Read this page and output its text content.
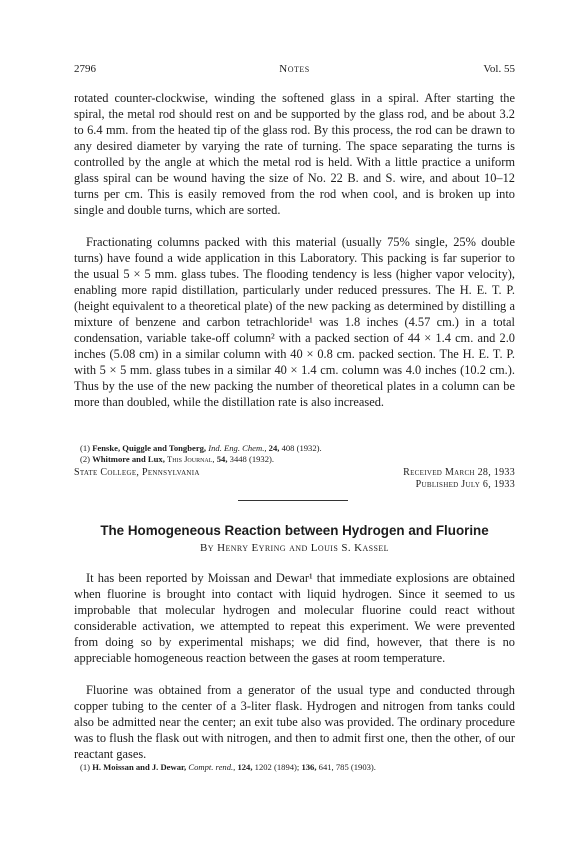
2796	Notes	Vol. 55

rotated counter-clockwise, winding the softened glass in a spiral. After starting the spiral, the metal rod should rest on and be supported by the glass rod, and be about 3.2 to 6.4 mm. from the heated tip of the glass rod. By this process, the rod can be drawn to any desired diameter by varying the rate of turning. The space separating the turns is controlled by the angle at which the metal rod is held. With a little practice a uniform glass spiral can be wound having the size of No. 22 B. and S. wire, and about 10–12 turns per cm. This is easily removed from the rod when cool, and is broken up into single and double turns, which are sorted.

Fractionating columns packed with this material (usually 75% single, 25% double turns) have found a wide application in this Laboratory. This packing is far superior to the usual 5 × 5 mm. glass tubes. The flooding tendency is less (higher vapor velocity), enabling more rapid distillation, particularly under reduced pressures. The H. E. T. P. (height equivalent to a theoretical plate) of the new packing as determined by distilling a mixture of benzene and carbon tetrachloride¹ was 1.8 inches (4.57 cm.) in a total condensation, variable take-off column² with a packed section of 44 × 1.4 cm. and 2.0 inches (5.08 cm) in a similar column with 40 × 0.8 cm. packed section. The H. E. T. P. with 5 × 5 mm. glass tubes in a similar 40 × 1.4 cm. column was 4.0 inches (10.2 cm.). Thus by the use of the new packing the number of theoretical plates in a column can be more than doubled, while the distillation rate is also increased.

(1) Fenske, Quiggle and Tongberg, Ind. Eng. Chem., 24, 408 (1932).

(2) Whitmore and Lux, This Journal, 54, 3448 (1932).

State College, Pennsylvania	Received March 28, 1933
Published July 6, 1933
The Homogeneous Reaction between Hydrogen and Fluorine
By Henry Eyring and Louis S. Kassel

It has been reported by Moissan and Dewar¹ that immediate explosions are obtained when fluorine is brought into contact with liquid hydrogen. Since it seemed to us improbable that molecular hydrogen and molecular fluorine could react without considerable activation, we attempted to repeat this experiment. We were prevented from doing so by experimental mishaps; we did find, however, that there is no appreciable homogeneous reaction between the gases at room temperature.

Fluorine was obtained from a generator of the usual type and conducted through copper tubing to the center of a 3-liter flask. Hydrogen and nitrogen from tanks could also be admitted near the center; an exit tube also was provided. The ordinary procedure was to flush the flask out with nitrogen, and then to admit first one, then the other, of our reactant gases.

(1) H. Moissan and J. Dewar, Compt. rend., 124, 1202 (1894); 136, 641, 785 (1903).
